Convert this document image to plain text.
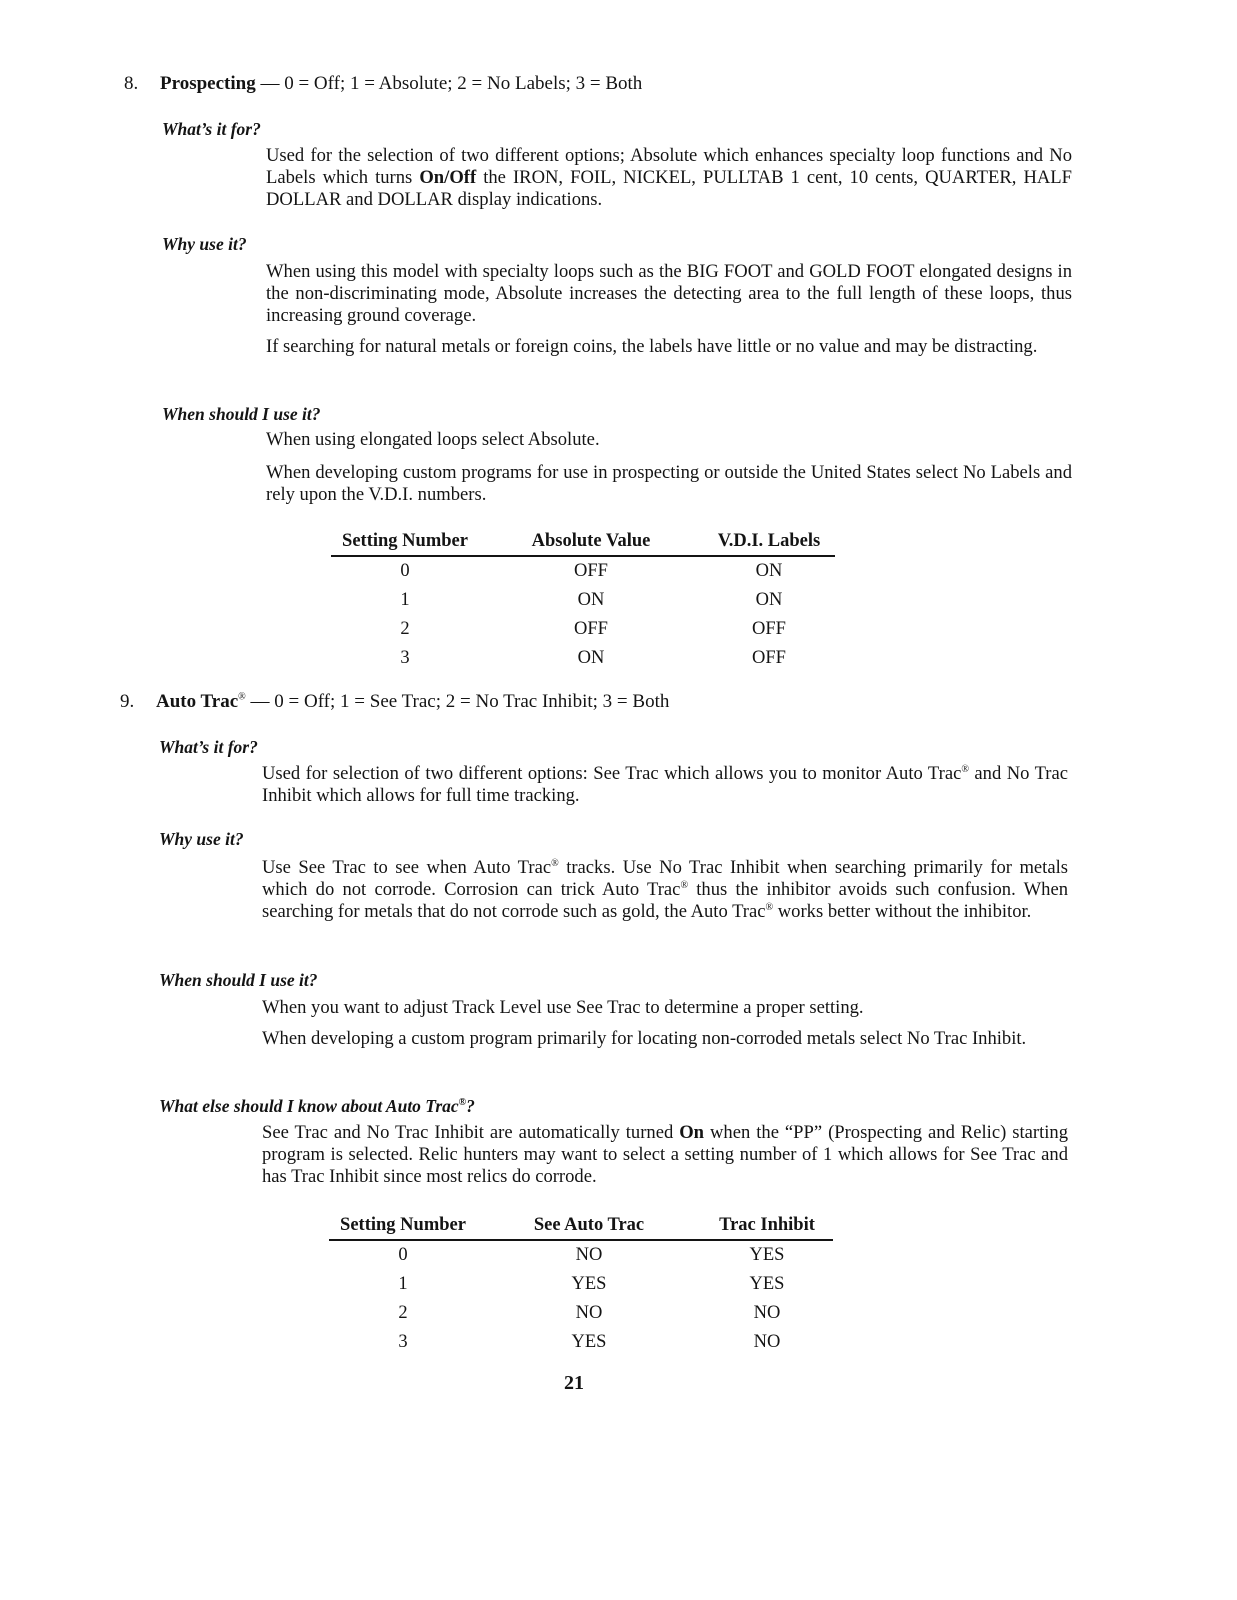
8. Prospecting — 0 = Off; 1 = Absolute; 2 = No Labels; 3 = Both
What’s it for?
Used for the selection of two different options; Absolute which enhances specialty loop functions and No Labels which turns On/Off the IRON, FOIL, NICKEL, PULLTAB 1 cent, 10 cents, QUARTER, HALF DOLLAR and DOLLAR display indications.
Why use it?
When using this model with specialty loops such as the BIG FOOT and GOLD FOOT elongated designs in the non-discriminating mode, Absolute increases the detecting area to the full length of these loops, thus increasing ground coverage.
If searching for natural metals or foreign coins, the labels have little or no value and may be distracting.
When should I use it?
When using elongated loops select Absolute.
When developing custom programs for use in prospecting or outside the United States select No Labels and rely upon the V.D.I. numbers.
Setting Number	Absolute Value	V.D.I. Labels
0	OFF	ON
1	ON	ON
2	OFF	OFF
3	ON	OFF
9. Auto Trac® — 0 = Off; 1 = See Trac; 2 = No Trac Inhibit; 3 = Both
What’s it for?
Used for selection of two different options: See Trac which allows you to monitor Auto Trac® and No Trac Inhibit which allows for full time tracking.
Why use it?
Use See Trac to see when Auto Trac® tracks. Use No Trac Inhibit when searching primarily for metals which do not corrode. Corrosion can trick Auto Trac® thus the inhibitor avoids such confusion. When searching for metals that do not corrode such as gold, the Auto Trac® works better without the inhibitor.
When should I use it?
When you want to adjust Track Level use See Trac to determine a proper setting.
When developing a custom program primarily for locating non-corroded metals select No Trac Inhibit.
What else should I know about Auto Trac®?
See Trac and No Trac Inhibit are automatically turned On when the “PP” (Prospecting and Relic) starting program is selected. Relic hunters may want to select a setting number of 1 which allows for See Trac and has Trac Inhibit since most relics do corrode.
Setting Number	See Auto Trac	Trac Inhibit
0	NO	YES
1	YES	YES
2	NO	NO
3	YES	NO
21
